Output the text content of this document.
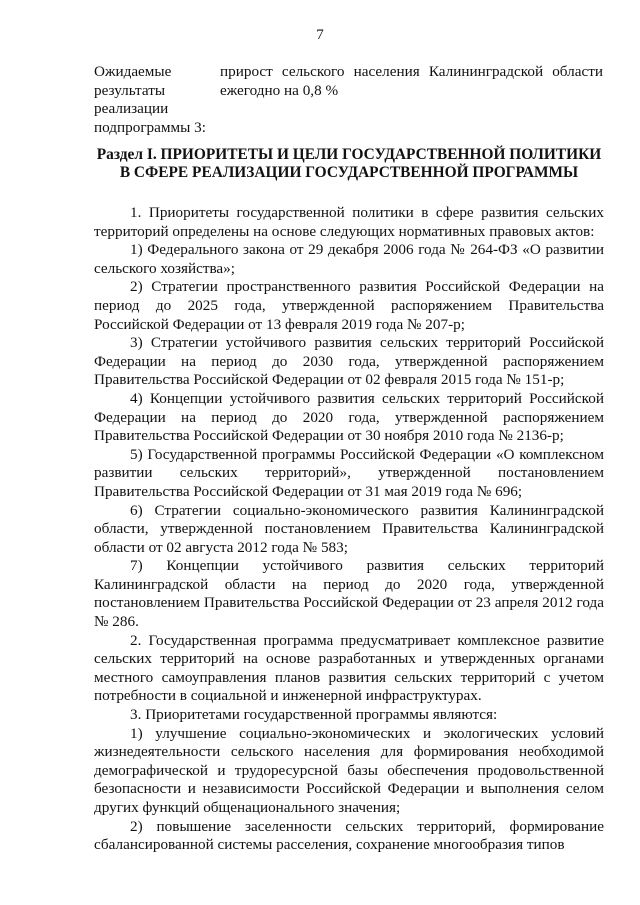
7
Ожидаемые
результаты
реализации
подпрограммы 3:
прирост сельского населения Калининградской области ежегодно на 0,8 %
Раздел I. ПРИОРИТЕТЫ И ЦЕЛИ ГОСУДАРСТВЕННОЙ ПОЛИТИКИ
В СФЕРЕ РЕАЛИЗАЦИИ ГОСУДАРСТВЕННОЙ ПРОГРАММЫ

1. Приоритеты государственной политики в сфере развития сельских территорий определены на основе следующих нормативных правовых актов:

1) Федерального закона от 29 декабря 2006 года № 264-ФЗ «О развитии сельского хозяйства»;

2) Стратегии пространственного развития Российской Федерации на период до 2025 года, утвержденной распоряжением Правительства Российской Федерации от 13 февраля 2019 года № 207-р;

3) Стратегии устойчивого развития сельских территорий Российской Федерации на период до 2030 года, утвержденной распоряжением Правительства Российской Федерации от 02 февраля 2015 года № 151-р;

4) Концепции устойчивого развития сельских территорий Российской Федерации на период до 2020 года, утвержденной распоряжением Правительства Российской Федерации от 30 ноября 2010 года № 2136-р;

5) Государственной программы Российской Федерации «О комплексном развитии сельских территорий», утвержденной постановлением Правительства Российской Федерации от 31 мая 2019 года № 696;

6) Стратегии социально-экономического развития Калининградской области, утвержденной постановлением Правительства Калининградской области от 02 августа 2012 года № 583;

7) Концепции устойчивого развития сельских территорий Калининградской области на период до 2020 года, утвержденной постановлением Правительства Российской Федерации от 23 апреля 2012 года № 286.

2. Государственная программа предусматривает комплексное развитие сельских территорий на основе разработанных и утвержденных органами местного самоуправления планов развития сельских территорий с учетом потребности в социальной и инженерной инфраструктурах.

3. Приоритетами государственной программы являются:

1) улучшение социально-экономических и экологических условий жизнедеятельности сельского населения для формирования необходимой демографической и трудоресурсной базы обеспечения продовольственной безопасности и независимости Российской Федерации и выполнения селом других функций общенационального значения;

2) повышение заселенности сельских территорий, формирование сбалансированной системы расселения, сохранение многообразия типов
